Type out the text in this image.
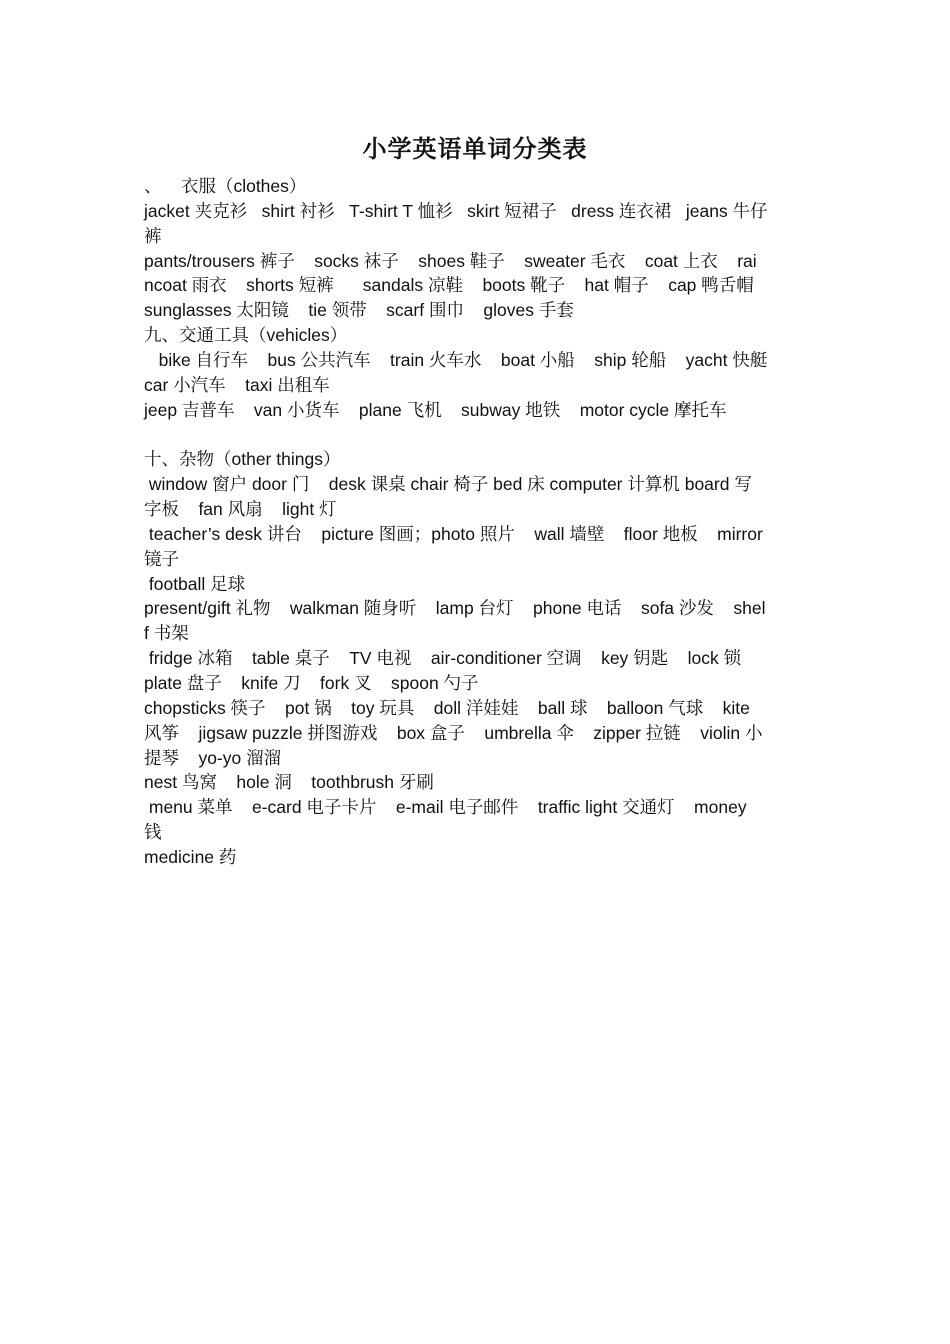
小学英语单词分类表
、    衣服（clothes）
jacket 夹克衫   shirt 衬衫   T-shirt T 恤衫   skirt 短裙子   dress 连衣裙   jeans 牛仔
裤
pants/trousers 裤子    socks 袜子    shoes 鞋子    sweater 毛衣    coat 上衣    rai
ncoat 雨衣    shorts 短裤      sandals 凉鞋    boots 靴子    hat 帽子    cap 鸭舌帽
sunglasses 太阳镜    tie 领带    scarf 围巾    gloves 手套
九、交通工具（vehicles）
bike 自行车    bus 公共汽车    train 火车水    boat 小船    ship 轮船    yacht 快艇
car 小汽车    taxi 出租车
jeep 吉普车    van 小货车    plane 飞机    subway 地铁    motor cycle 摩托车
十、杂物（other things）
window 窗户 door 门    desk 课桌 chair 椅子 bed 床 computer 计算机 board 写
字板    fan 风扇    light 灯
teacher’s desk 讲台    picture 图画；photo 照片    wall 墙壁    floor 地板    mirror
镜子
football 足球
present/gift 礼物    walkman 随身听    lamp 台灯    phone 电话    sofa 沙发    shel
f 书架
fridge 冰箱    table 桌子    TV 电视    air-conditioner 空调    key 钥匙    lock 锁
plate 盘子    knife 刀    fork 叉    spoon 勺子
chopsticks 筷子    pot 锅    toy 玩具    doll 洋娃娃    ball 球    balloon 气球    kite
风筝    jigsaw puzzle 拼图游戏    box 盒子    umbrella 伞    zipper 拉链    violin 小
提琴    yo-yo 溜溜
nest 鸟窝    hole 洞    toothbrush 牙刷
menu 菜单    e-card 电子卡片    e-mail 电子邮件    traffic light 交通灯    money
钱
medicine 药
